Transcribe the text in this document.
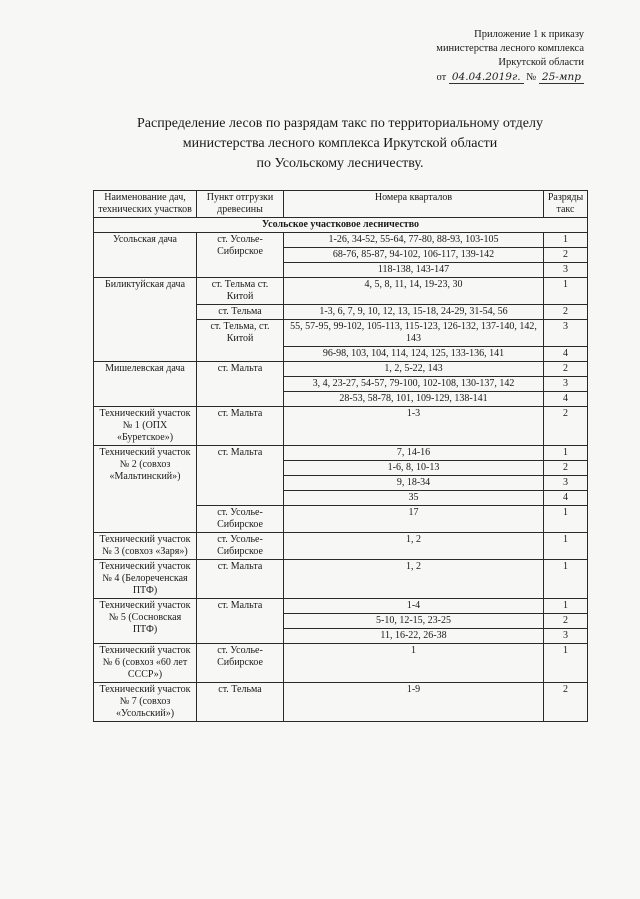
Приложение 1 к приказу
министерства лесного комплекса
Иркутской области
от 04.04.2019г. № 25-мпр
Распределение лесов по разрядам такс по территориальному отделу
министерства лесного комплекса Иркутской области
по Усольскому лесничеству.
Наименование дач, технических участков	Пункт отгрузки древесины	Номера кварталов	Разряды такс
Усольское участковое лесничество			
Усольская дача	ст. Усолье-Сибирское	1-26, 34-52, 55-64, 77-80, 88-93, 103-105	1
		68-76, 85-87, 94-102, 106-117, 139-142	2
		118-138, 143-147	3
Биликтуйская дача	ст. Тельма ст. Китой	4, 5, 8, 11, 14, 19-23, 30	1
	ст. Тельма	1-3, 6, 7, 9, 10, 12, 13, 15-18, 24-29, 31-54, 56	2
	ст. Тельма, ст. Китой	55, 57-95, 99-102, 105-113, 115-123, 126-132, 137-140, 142, 143	3
		96-98, 103, 104, 114, 124, 125, 133-136, 141	4
Мишелевская дача	ст. Мальта	1, 2, 5-22, 143	2
		3, 4, 23-27, 54-57, 79-100, 102-108, 130-137, 142	3
		28-53, 58-78, 101, 109-129, 138-141	4
Технический участок № 1 (ОПХ «Буретское»)	ст. Мальта	1-3	2
Технический участок № 2 (совхоз «Мальтинский»)	ст. Мальта	7, 14-16	1
		1-6, 8, 10-13	2
		9, 18-34	3
		35	4
	ст. Усолье-Сибирское	17	1
Технический участок № 3 (совхоз «Заря»)	ст. Усолье-Сибирское	1, 2	1
Технический участок № 4 (Белореченская ПТФ)	ст. Мальта	1, 2	1
Технический участок № 5 (Сосновская ПТФ)	ст. Мальта	1-4	1
		5-10, 12-15, 23-25	2
		11, 16-22, 26-38	3
Технический участок № 6 (совхоз «60 лет СССР»)	ст. Усолье-Сибирское	1	1
Технический участок № 7 (совхоз «Усольский»)	ст. Тельма	1-9	2
